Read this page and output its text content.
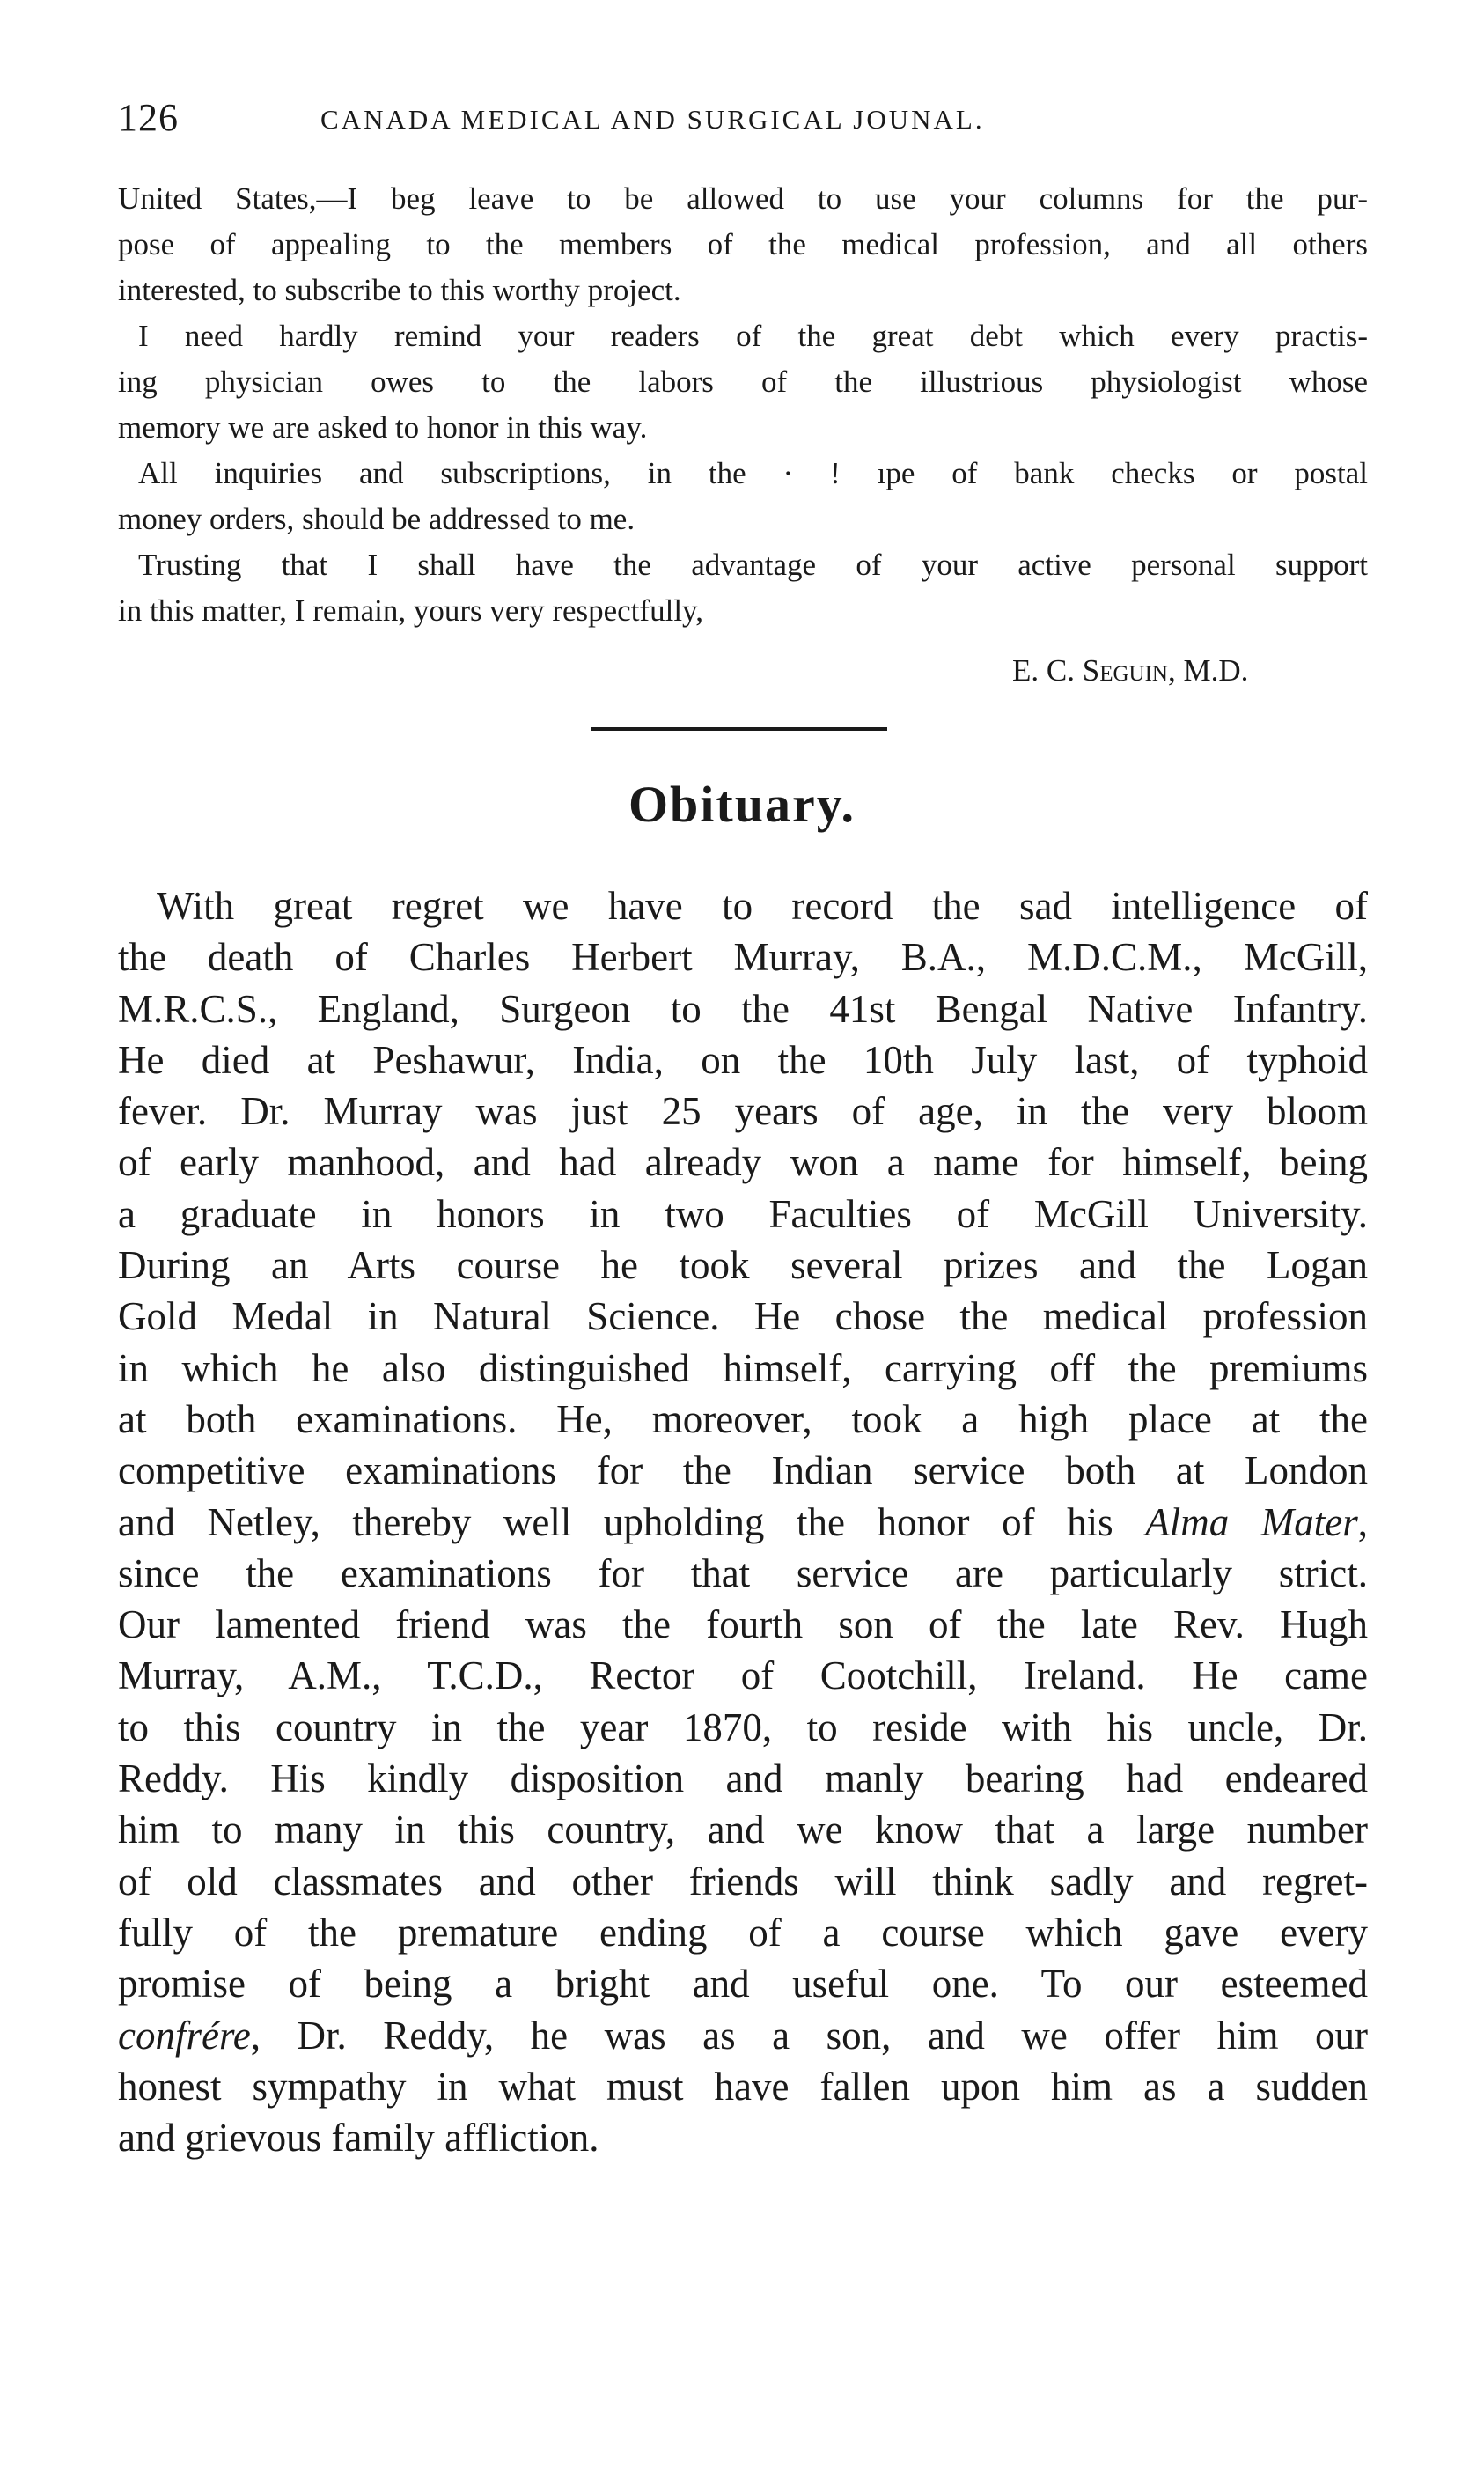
126	CANADA MEDICAL AND SURGICAL JOUNAL.
United States,—I beg leave to be allowed to use your columns for the pur-
pose of appealing to the members of the medical profession, and all others
interested, to subscribe to this worthy project.
I need hardly remind your readers of the great debt which every practis-
ing physician owes to the labors of the illustrious physiologist whose
memory we are asked to honor in this way.
All inquiries and subscriptions, in the · ! ıpe of bank checks or postal
money orders, should be addressed to me.
Trusting that I shall have the advantage of your active personal support
in this matter, I remain, yours very respectfully,
E. C. Seguin, M.D.
Obituary.
With great regret we have to record the sad intelligence of
the death of Charles Herbert Murray, B.A., M.D.C.M., McGill,
M.R.C.S., England, Surgeon to the 41st Bengal Native Infantry.
He died at Peshawur, India, on the 10th July last, of typhoid
fever. Dr. Murray was just 25 years of age, in the very bloom
of early manhood, and had already won a name for himself, being
a graduate in honors in two Faculties of McGill University.
During an Arts course he took several prizes and the Logan
Gold Medal in Natural Science. He chose the medical profession
in which he also distinguished himself, carrying off the premiums
at both examinations. He, moreover, took a high place at the
competitive examinations for the Indian service both at London
and Netley, thereby well upholding the honor of his Alma Mater,
since the examinations for that service are particularly strict.
Our lamented friend was the fourth son of the late Rev. Hugh
Murray, A.M., T.C.D., Rector of Cootchill, Ireland. He came
to this country in the year 1870, to reside with his uncle, Dr.
Reddy. His kindly disposition and manly bearing had endeared
him to many in this country, and we know that a large number
of old classmates and other friends will think sadly and regret-
fully of the premature ending of a course which gave every
promise of being a bright and useful one. To our esteemed
confrére, Dr. Reddy, he was as a son, and we offer him our
honest sympathy in what must have fallen upon him as a sudden
and grievous family affliction.
